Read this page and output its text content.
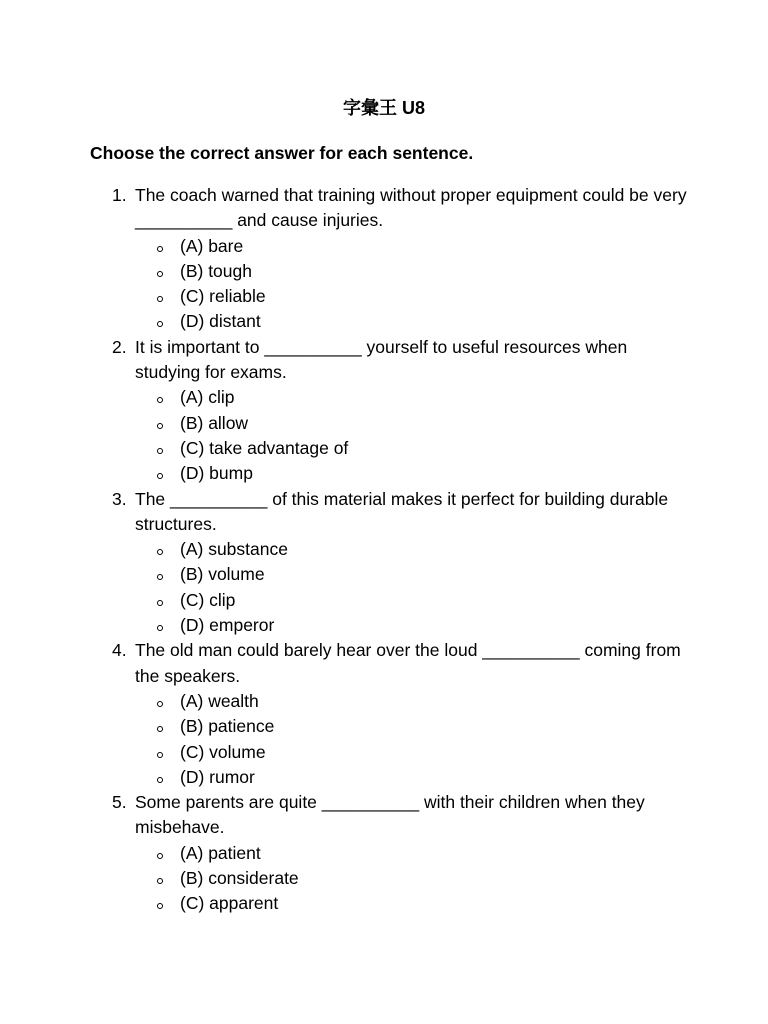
字彙王 U8
Choose the correct answer for each sentence.
1. The coach warned that training without proper equipment could be very __________ and cause injuries.
(A) bare
(B) tough
(C) reliable
(D) distant
2. It is important to __________ yourself to useful resources when studying for exams.
(A) clip
(B) allow
(C) take advantage of
(D) bump
3. The __________ of this material makes it perfect for building durable structures.
(A) substance
(B) volume
(C) clip
(D) emperor
4. The old man could barely hear over the loud __________ coming from the speakers.
(A) wealth
(B) patience
(C) volume
(D) rumor
5. Some parents are quite __________ with their children when they misbehave.
(A) patient
(B) considerate
(C) apparent
